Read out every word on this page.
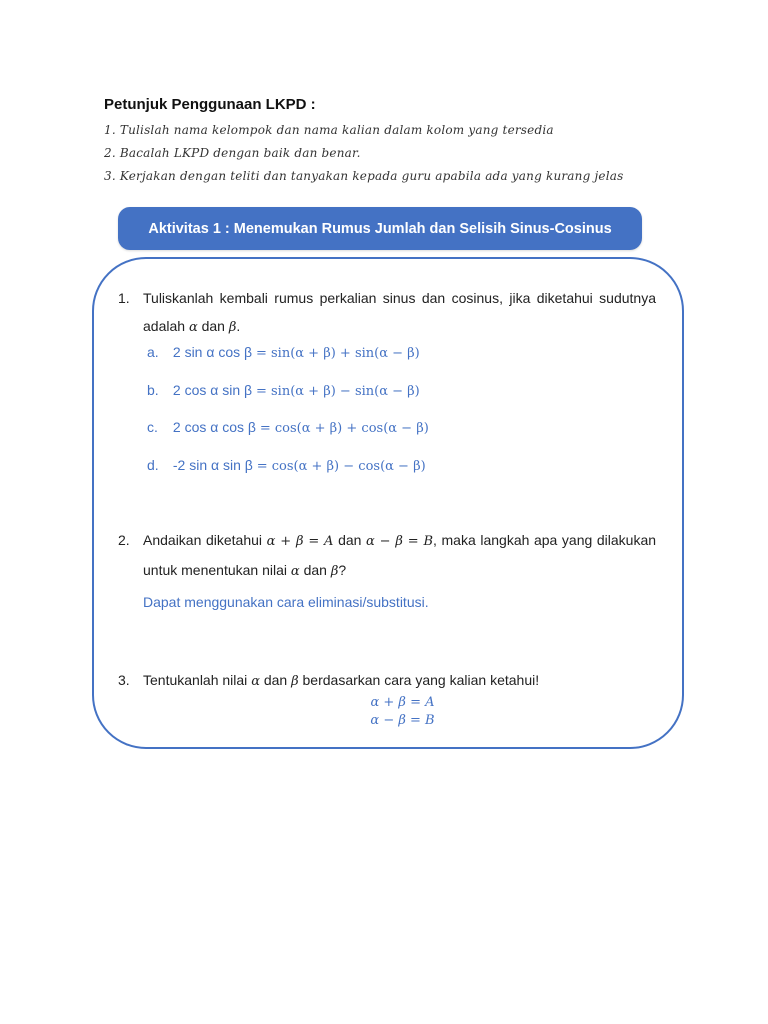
Petunjuk Penggunaan LKPD :
1. Tulislah nama kelompok dan nama kalian dalam kolom yang tersedia
2. Bacalah LKPD dengan baik dan benar.
3. Kerjakan dengan teliti dan tanyakan kepada guru apabila ada yang kurang jelas
Aktivitas 1 : Menemukan Rumus Jumlah dan Selisih Sinus-Cosinus
1. Tuliskanlah kembali rumus perkalian sinus dan cosinus, jika diketahui sudutnya adalah α dan β.
a. 2 sin α cos β = sin(α + β) + sin(α − β)
b. 2 cos α sin β = sin(α + β) − sin(α − β)
c. 2 cos α cos β = cos(α + β) + cos(α − β)
d. -2 sin α sin β = cos(α + β) − cos(α − β)
2. Andaikan diketahui α + β = A dan α − β = B, maka langkah apa yang dilakukan untuk menentukan nilai α dan β?
Dapat menggunakan cara eliminasi/substitusi.
3. Tentukanlah nilai α dan β berdasarkan cara yang kalian ketahui!
α + β = A
α − β = B
